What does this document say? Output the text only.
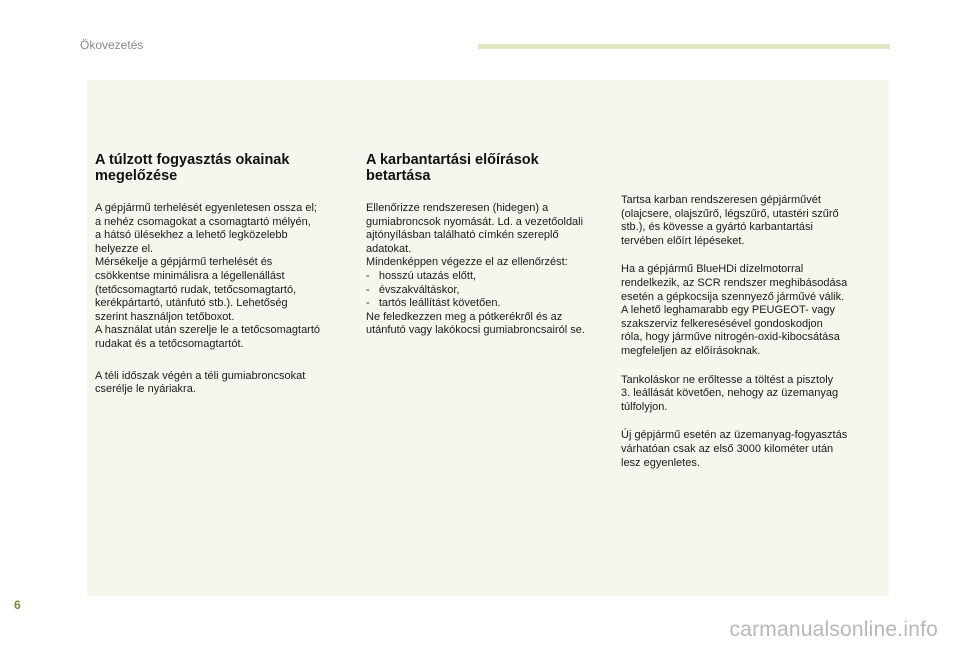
Ökovezetés
A túlzott fogyasztás okainak
megelőzése

A gépjármű terhelését egyenletesen ossza el;
a nehéz csomagokat a csomagtartó mélyén,
a hátsó ülésekhez a lehető legközelebb
helyezze el.
Mérsékelje a gépjármű terhelését és
csökkentse minimálisra a légellenállást
(tetőcsomagtartó rudak, tetőcsomagtartó,
kerékpártartó, utánfutó stb.). Lehetőség
szerint használjon tetőboxot.
A használat után szerelje le a tetőcsomagtartó
rudakat és a tetőcsomagtartót.

A téli időszak végén a téli gumiabroncsokat
cserélje le nyáriakra.

A karbantartási előírások
betartása

Ellenőrizze rendszeresen (hidegen) a
gumiabroncsok nyomását. Ld. a vezetőoldali
ajtónyílásban található címkén szereplő
adatokat.
Mindenképpen végezze el az ellenőrzést:
-   hosszú utazás előtt,
-   évszakváltáskor,
-   tartós leállítást követően.
Ne feledkezzen meg a pótkerékről és az
utánfutó vagy lakókocsi gumiabroncsairól se.

Tartsa karban rendszeresen gépjárművét
(olajcsere, olajszűrő, légszűrő, utastéri szűrő
stb.), és kövesse a gyártó karbantartási
tervében előírt lépéseket.

Ha a gépjármű BlueHDi dízelmotorral
rendelkezik, az SCR rendszer meghibásodása
esetén a gépkocsija szennyező járművé válik.
A lehető leghamarabb egy PEUGEOT- vagy
szakszerviz felkeresésével gondoskodjon
róla, hogy járműve nitrogén-oxid-kibocsátása
megfeleljen az előírásoknak.

Tankoláskor ne erőltesse a töltést a pisztoly
3. leállását követően, nehogy az üzemanyag
túlfolyjon.

Új gépjármű esetén az üzemanyag-fogyasztás
várhatóan csak az első 3000 kilométer után
lesz egyenletes.

6
carmanualsonline.info
